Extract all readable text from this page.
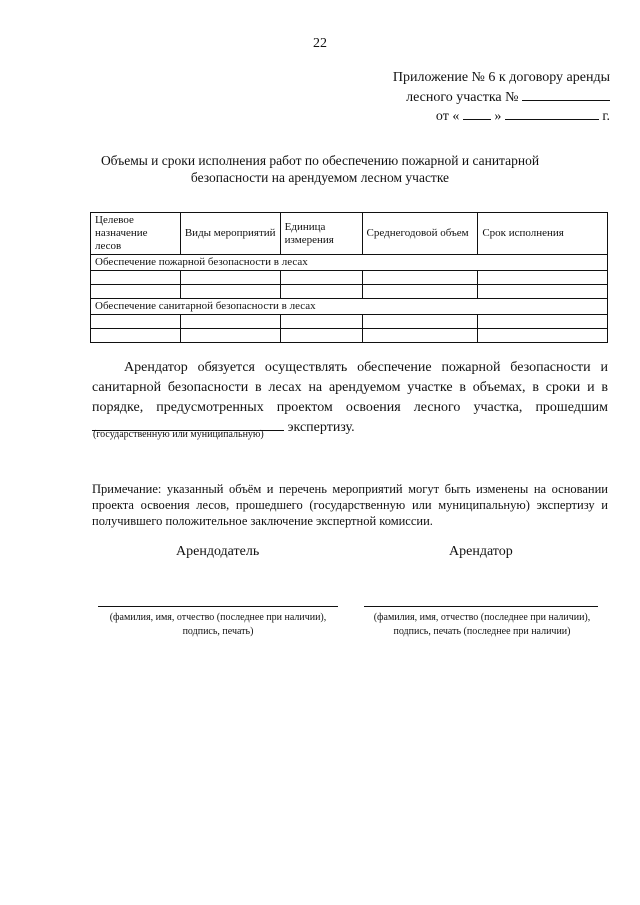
22
Приложение № 6 к договору аренды
лесного участка №
от «	»	г.
Объемы и сроки исполнения работ по обеспечению пожарной и санитарной
безопасности на арендуемом лесном участке
Целевое назначение лесов	Виды мероприятий	Единица измерения	Среднегодовой объем	Срок исполнения
Обеспечение пожарной безопасности в лесах				

Обеспечение санитарной безопасности в лесах				

Арендатор обязуется осуществлять обеспечение пожарной безопасности и санитарной безопасности в лесах на арендуемом участке в объемах, в сроки и в порядке, предусмотренных проектом освоения лесного участка, прошедшим  экспертизу.
(государственную или муниципальную)
Примечание: указанный объём и перечень мероприятий могут быть изменены на основании проекта освоения лесов, прошедшего (государственную или муниципальную) экспертизу и получившего положительное заключение экспертной комиссии.
Арендодатель	Арендатор
(фамилия, имя, отчество (последнее при наличии),
подпись, печать)
(фамилия, имя, отчество (последнее при наличии),
подпись, печать (последнее при наличии)
